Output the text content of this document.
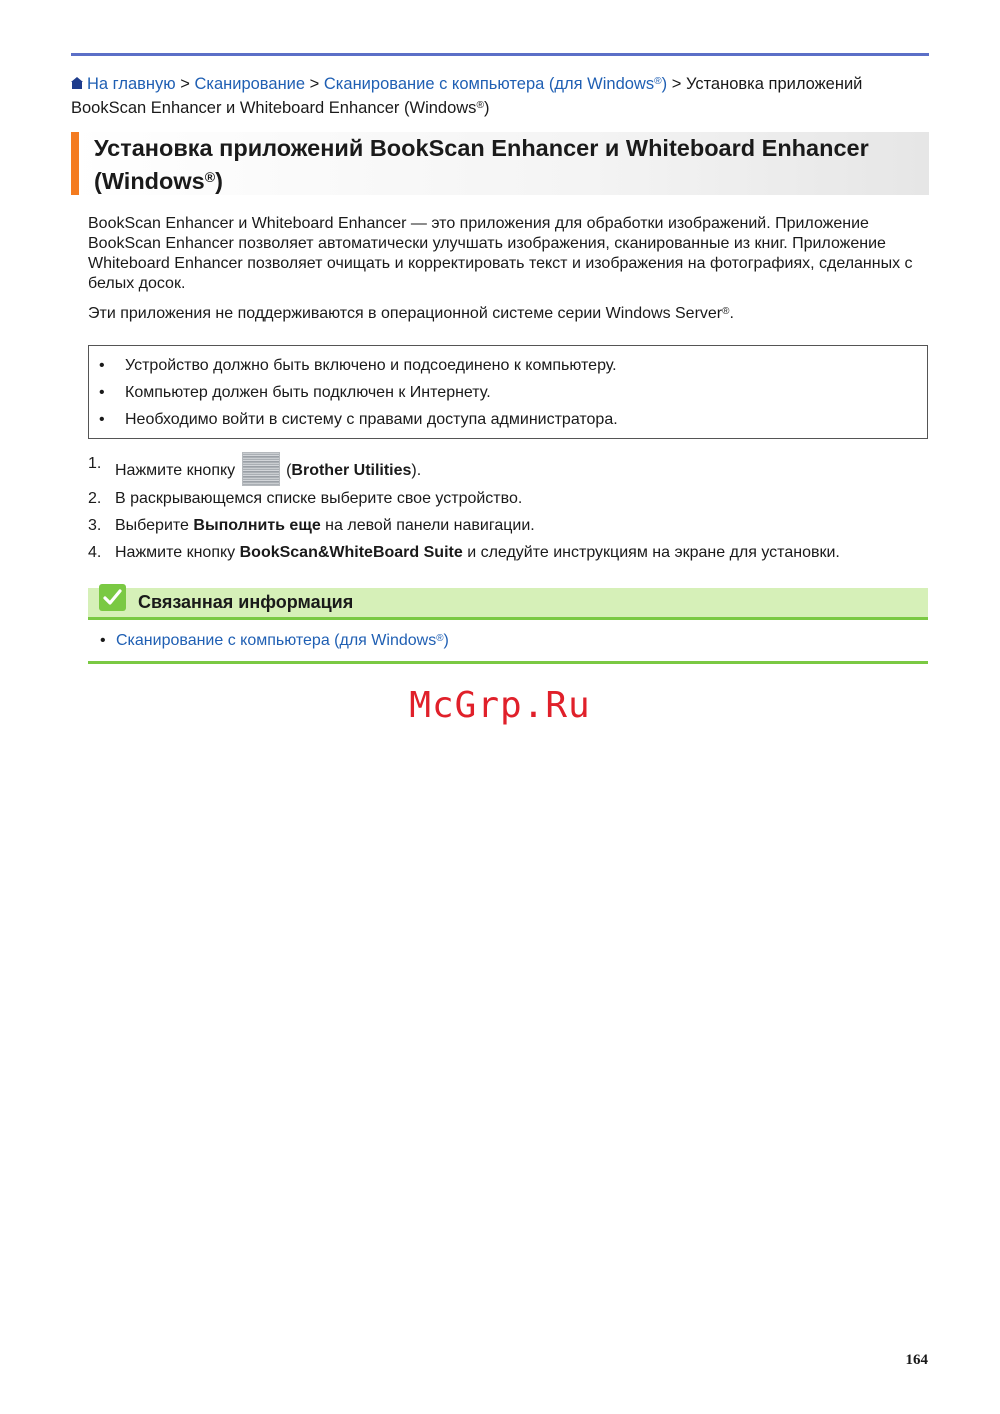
На главную > Сканирование > Сканирование с компьютера (для Windows®) > Установка приложений
BookScan Enhancer и Whiteboard Enhancer (Windows®)
Установка приложений BookScan Enhancer и Whiteboard Enhancer (Windows®)

BookScan Enhancer и Whiteboard Enhancer — это приложения для обработки изображений. Приложение BookScan Enhancer позволяет автоматически улучшать изображения, сканированные из книг. Приложение Whiteboard Enhancer позволяет очищать и корректировать текст и изображения на фотографиях, сделанных с белых досок.

Эти приложения не поддерживаются в операционной системе серии Windows Server®.

• Устройство должно быть включено и подсоединено к компьютеру.
• Компьютер должен быть подключен к Интернету.
• Необходимо войти в систему с правами доступа администратора.
1. Нажмите кнопку	(Brother Utilities).
2. В раскрывающемся списке выберите свое устройство.
3. Выберите Выполнить еще на левой панели навигации.
4. Нажмите кнопку BookScan&WhiteBoard Suite и следуйте инструкциям на экране для установки.
Связанная информация
• Сканирование с компьютера (для Windows®)
McGrp.Ru
164
